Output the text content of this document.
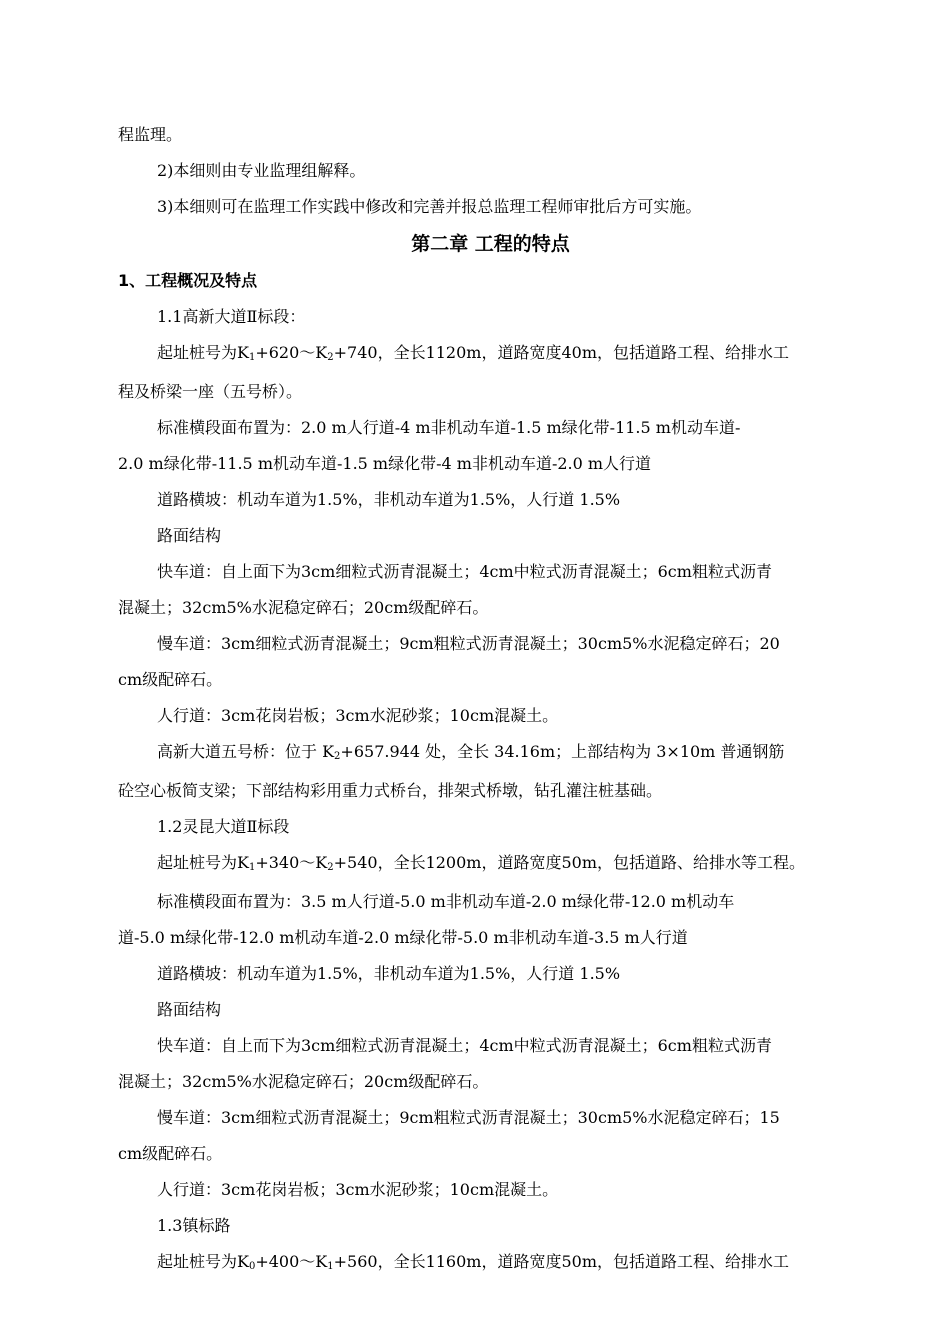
程监理。

2)本细则由专业监理组解释。

3)本细则可在监理工作实践中修改和完善并报总监理工程师审批后方可实施。

第二章 工程的特点
1、工程概况及特点

1.1高新大道Ⅱ标段：

起址桩号为K1+620～K2+740，全长1120m，道路宽度40m，包括道路工程、给排水工

程及桥梁一座（五号桥）。

标准横段面布置为：2.0 m人行道-4 m非机动车道-1.5 m绿化带-11.5 m机动车道-

2.0 m绿化带-11.5 m机动车道-1.5 m绿化带-4 m非机动车道-2.0 m人行道

道路横坡：机动车道为1.5%，非机动车道为1.5%，人行道 1.5%

路面结构

快车道：自上面下为3cm细粒式沥青混凝土；4cm中粒式沥青混凝土；6cm粗粒式沥青

混凝土；32cm5%水泥稳定碎石；20cm级配碎石。

慢车道：3cm细粒式沥青混凝土；9cm粗粒式沥青混凝土；30cm5%水泥稳定碎石；20

cm级配碎石。

人行道：3cm花岗岩板；3cm水泥砂浆；10cm混凝土。

高新大道五号桥：位于 K2+657.944 处，全长 34.16m；上部结构为 3×10m 普通钢筋

砼空心板简支梁；下部结构彩用重力式桥台，排架式桥墩，钻孔灌注桩基础。

1.2灵昆大道Ⅱ标段

起址桩号为K1+340～K2+540，全长1200m，道路宽度50m，包括道路、给排水等工程。

标准横段面布置为：3.5 m人行道-5.0 m非机动车道-2.0 m绿化带-12.0 m机动车

道-5.0 m绿化带-12.0 m机动车道-2.0 m绿化带-5.0 m非机动车道-3.5 m人行道

道路横坡：机动车道为1.5%，非机动车道为1.5%，人行道 1.5%

路面结构

快车道：自上而下为3cm细粒式沥青混凝土；4cm中粒式沥青混凝土；6cm粗粒式沥青

混凝土；32cm5%水泥稳定碎石；20cm级配碎石。

慢车道：3cm细粒式沥青混凝土；9cm粗粒式沥青混凝土；30cm5%水泥稳定碎石；15

cm级配碎石。

人行道：3cm花岗岩板；3cm水泥砂浆；10cm混凝土。

1.3镇标路

起址桩号为K0+400～K1+560，全长1160m，道路宽度50m，包括道路工程、给排水工
